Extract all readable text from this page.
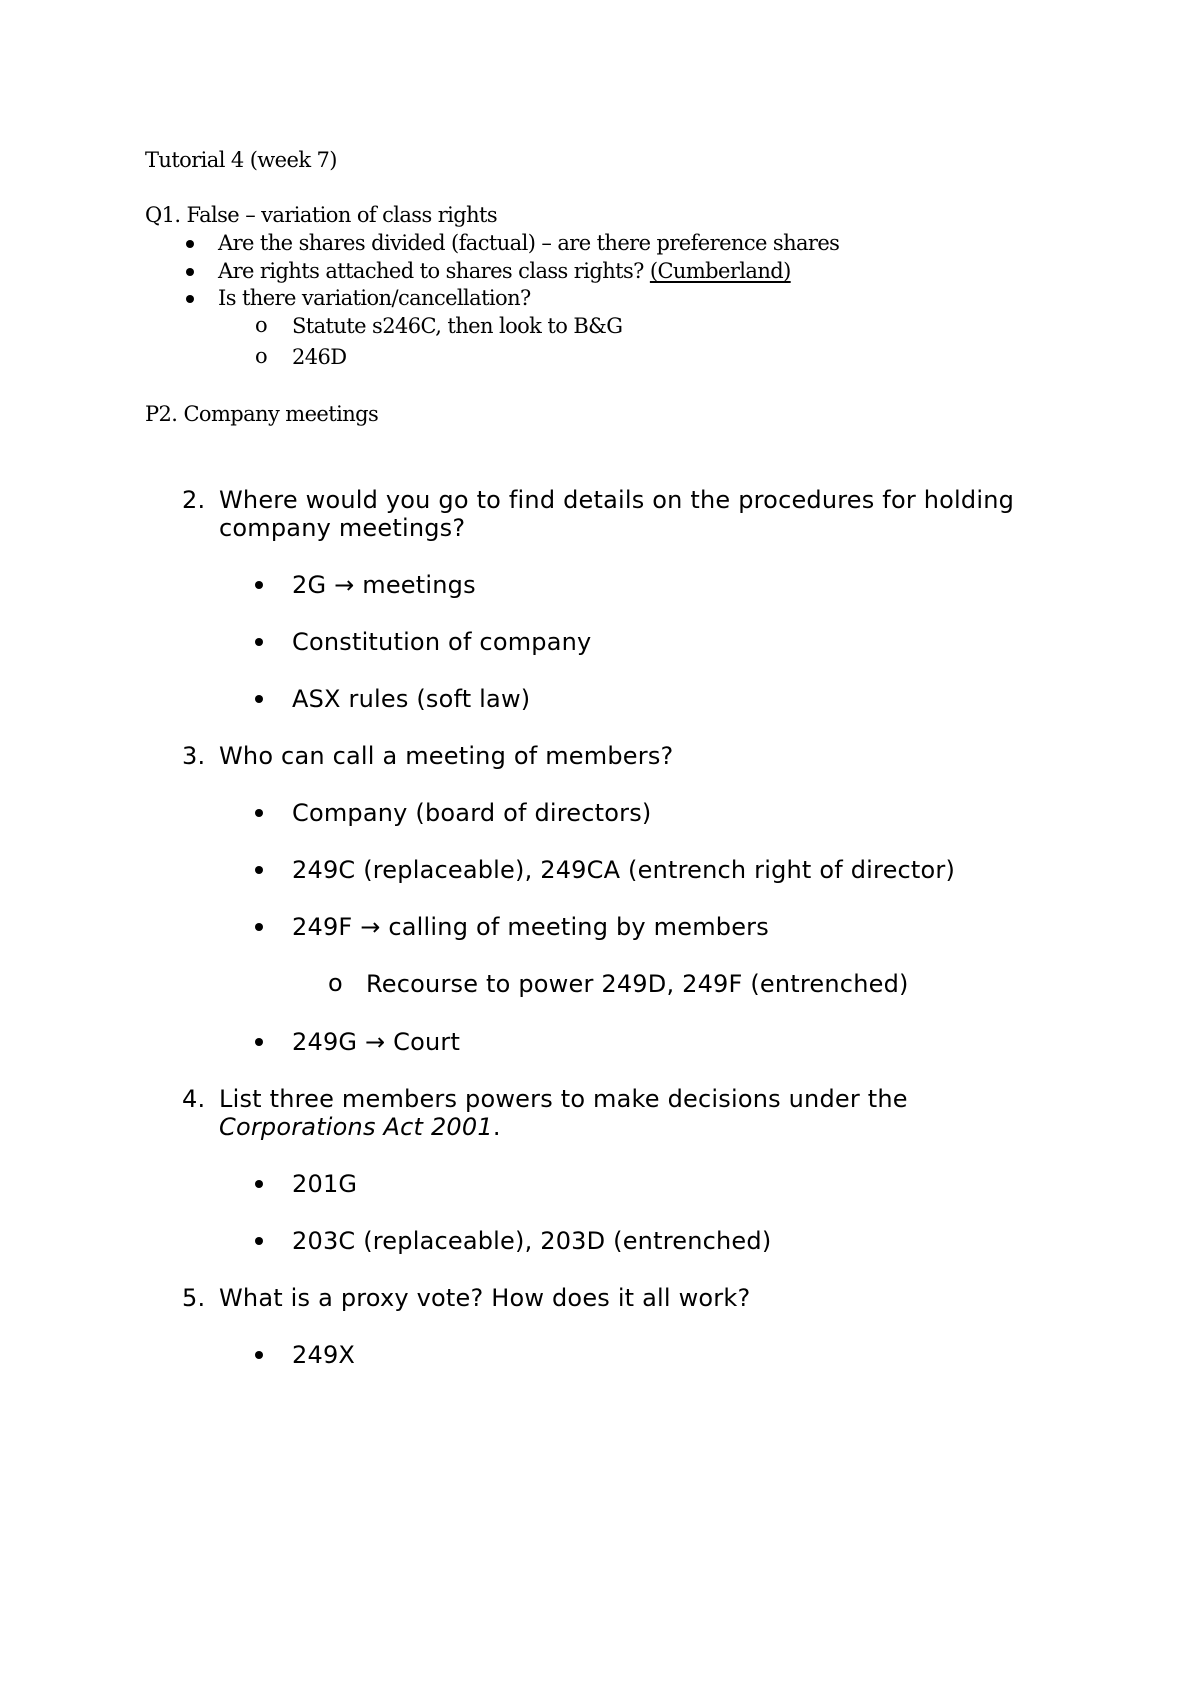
Tutorial 4 (week 7)
Q1. False – variation of class rights
Are the shares divided (factual) – are there preference shares
Are rights attached to shares class rights? (Cumberland)
Is there variation/cancellation?
o Statute s246C, then look to B&G
o 246D
P2. Company meetings
2. Where would you go to find details on the procedures for holding
company meetings?
2G → meetings
Constitution of company
ASX rules (soft law)
3. Who can call a meeting of members?
Company (board of directors)
249C (replaceable), 249CA (entrench right of director)
249F → calling of meeting by members
o Recourse to power 249D, 249F (entrenched)
249G → Court
4. List three members powers to make decisions under the
Corporations Act 2001.
201G
203C (replaceable), 203D (entrenched)
5. What is a proxy vote? How does it all work?
249X
